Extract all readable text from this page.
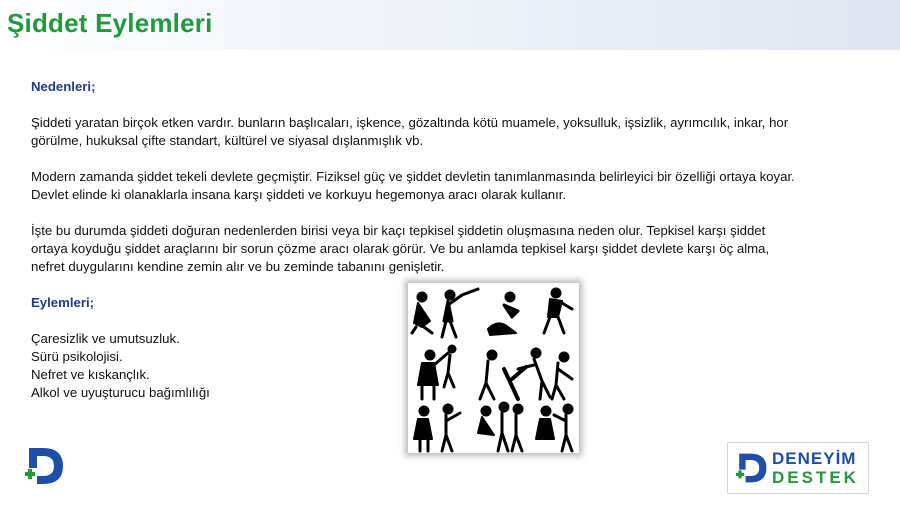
Şiddet Eylemleri

Nedenleri;

Şiddeti yaratan birçok etken vardır. bunların başlıcaları, işkence, gözaltında kötü muamele, yoksulluk, işsizlik, ayrımcılık, inkar, hor görülme, hukuksal çifte standart, kültürel ve siyasal dışlanmışlık vb.

Modern zamanda şiddet tekeli devlete geçmiştir. Fiziksel güç ve şiddet devletin tanımlanmasında belirleyici bir özelliği ortaya koyar. Devlet elinde ki olanaklarla insana karşı şiddeti ve korkuyu hegemonya aracı olarak kullanır.

İşte bu durumda şiddeti doğuran nedenlerden birisi veya bir kaçı tepkisel şiddetin oluşmasına neden olur. Tepkisel karşı şiddet ortaya koyduğu şiddet araçlarını bir sorun çözme aracı olarak görür. Ve bu anlamda tepkisel karşı şiddet devlete karşı öç alma, nefret duygularını kendine zemin alır ve bu zeminde tabanını genişletir.

Eylemleri;

Çaresizlik ve umutsuzluk.
Sürü psikolojisi.
Nefret ve kıskançlık.
Alkol ve uyuşturucu bağımlılığı
DENEYİM
DESTEK
